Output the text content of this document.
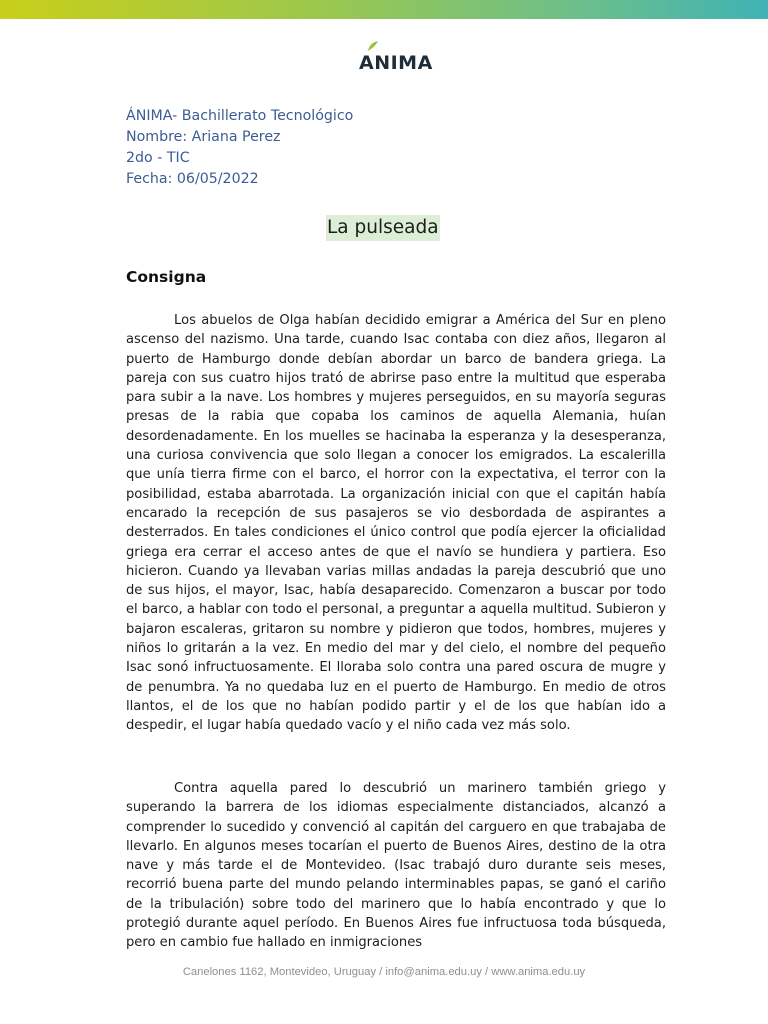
ANIMA
ÁNIMA- Bachillerato Tecnológico
Nombre: Ariana Perez
2do - TIC
Fecha: 06/05/2022
La pulseada
Consigna

Los abuelos de Olga habían decidido emigrar a América del Sur en pleno ascenso del nazismo. Una tarde, cuando Isac contaba con diez años, llegaron al puerto de Hamburgo donde debían abordar un barco de bandera griega. La pareja con sus cuatro hijos trató de abrirse paso entre la multitud que esperaba para subir a la nave. Los hombres y mujeres perseguidos, en su mayoría seguras presas de la rabia que copaba los caminos de aquella Alemania, huían desordenadamente. En los muelles se hacinaba la esperanza y la desesperanza, una curiosa convivencia que solo llegan a conocer los emigrados. La escalerilla que unía tierra firme con el barco, el horror con la expectativa, el terror con la posibilidad, estaba abarrotada. La organización inicial con que el capitán había encarado la recepción de sus pasajeros se vio desbordada de aspirantes a desterrados. En tales condiciones el único control que podía ejercer la oficialidad griega era cerrar el acceso antes de que el navío se hundiera y partiera. Eso hicieron. Cuando ya llevaban varias millas andadas la pareja descubrió que uno de sus hijos, el mayor, Isac, había desaparecido. Comenzaron a buscar por todo el barco, a hablar con todo el personal, a preguntar a aquella multitud. Subieron y bajaron escaleras, gritaron su nombre y pidieron que todos, hombres, mujeres y niños lo gritarán a la vez. En medio del mar y del cielo, el nombre del pequeño Isac sonó infructuosamente. El lloraba solo contra una pared oscura de mugre y de penumbra. Ya no quedaba luz en el puerto de Hamburgo. En medio de otros llantos, el de los que no habían podido partir y el de los que habían ido a despedir, el lugar había quedado vacío y el niño cada vez más solo.

Contra aquella pared lo descubrió un marinero también griego y superando la barrera de los idiomas especialmente distanciados, alcanzó a comprender lo sucedido y convenció al capitán del carguero en que trabajaba de llevarlo. En algunos meses tocarían el puerto de Buenos Aires, destino de la otra nave y más tarde el de Montevideo. (Isac trabajó duro durante seis meses, recorrió buena parte del mundo pelando interminables papas, se ganó el cariño de la tribulación) sobre todo del marinero que lo había encontrado y que lo protegió durante aquel período. En Buenos Aires fue infructuosa toda búsqueda, pero en cambio fue hallado en inmigraciones

Canelones 1162, Montevideo, Uruguay / info@anima.edu.uy / www.anima.edu.uy
